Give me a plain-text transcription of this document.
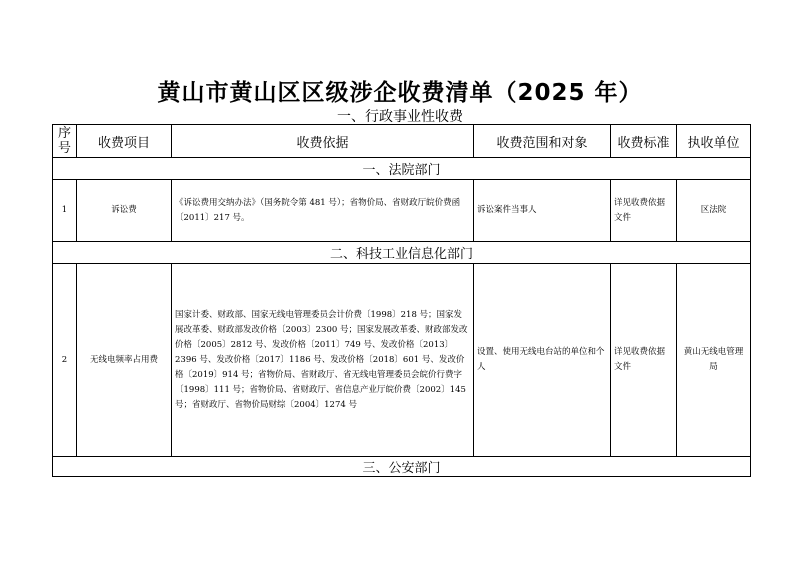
黄山市黄山区区级涉企收费清单（2025 年）
一、行政事业性收费
序号	收费项目	收费依据	收费范围和对象	收费标准	执收单位
一、法院部门					
1	诉讼费	《诉讼费用交纳办法》（国务院令第 481 号）；省物价局、省财政厅皖价费函〔2011〕217 号。	诉讼案件当事人	详见收费依据文件	区法院
二、科技工业信息化部门					
2	无线电频率占用费	国家计委、财政部、国家无线电管理委员会计价费〔1998〕218 号；国家发展改革委、财政部发改价格〔2003〕2300 号；国家发展改革委、财政部发改价格〔2005〕2812 号、发改价格〔2011〕749 号、发改价格〔2013〕2396 号、发改价格〔2017〕1186 号、发改价格〔2018〕601 号、发改价格〔2019〕914 号；省物价局、省财政厅、省无线电管理委员会皖价行费字〔1998〕111 号；省物价局、省财政厅、省信息产业厅皖价费〔2002〕145 号；省财政厅、省物价局财综〔2004〕1274 号	设置、使用无线电台站的单位和个人	详见收费依据文件	黄山无线电管理局
三、公安部门					
